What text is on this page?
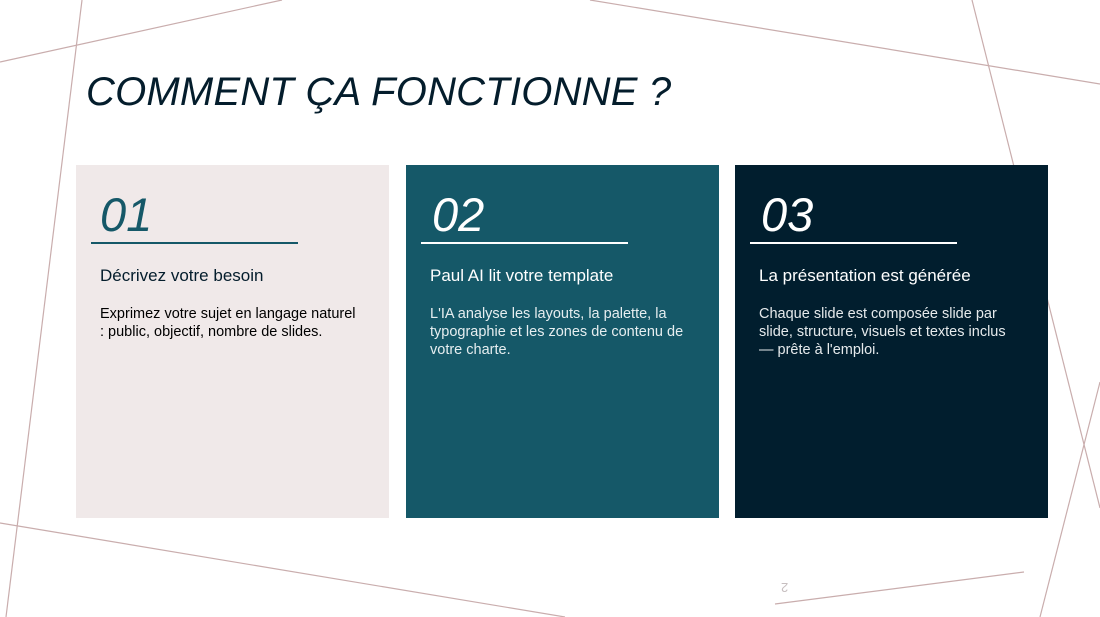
COMMENT ÇA FONCTIONNE ?
01
Décrivez votre besoin
Exprimez votre sujet en langage naturel : public, objectif, nombre de slides.
02
Paul AI lit votre template
L'IA analyse les layouts, la palette, la typographie et les zones de contenu de votre charte.
03
La présentation est générée
Chaque slide est composée slide par slide, structure, visuels et textes inclus — prête à l'emploi.
2
